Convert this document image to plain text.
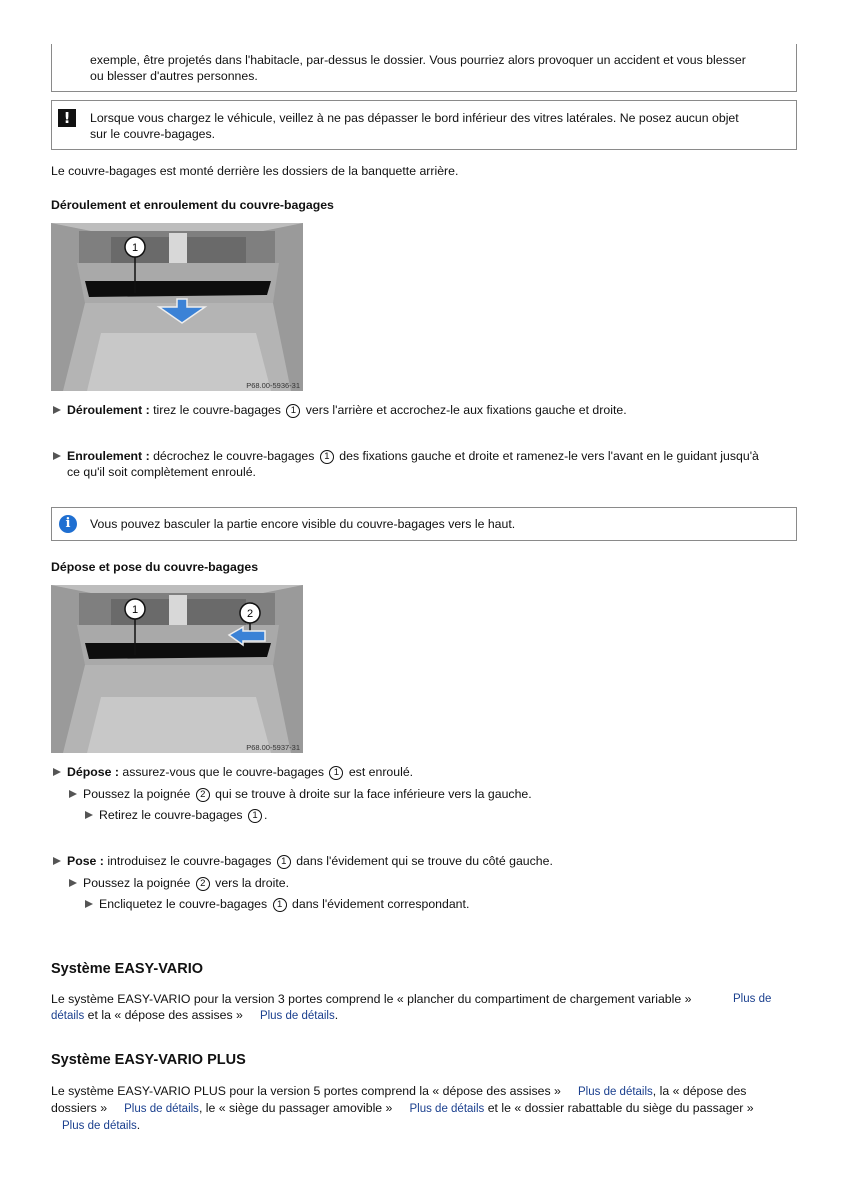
exemple, être projetés dans l'habitacle, par-dessus le dossier. Vous pourriez alors provoquer un accident et vous blesser
ou blesser d'autres personnes.
!	Lorsque vous chargez le véhicule, veillez à ne pas dépasser le bord inférieur des vitres latérales. Ne posez aucun objet
sur le couvre-bagages.
Le couvre-bagages est monté derrière les dossiers de la banquette arrière.
Déroulement et enroulement du couvre-bagages
1
P68.00-5936-31
Déroulement : tirez le couvre-bagages 1 vers l'arrière et accrochez-le aux fixations gauche et droite.
Enroulement : décrochez le couvre-bagages 1 des fixations gauche et droite et ramenez-le vers l'avant en le guidant jusqu'à
ce qu'il soit complètement enroulé.
i	Vous pouvez basculer la partie encore visible du couvre-bagages vers le haut.
Dépose et pose du couvre-bagages
1	2
P68.00-5937-31
Dépose : assurez-vous que le couvre-bagages 1 est enroulé.
Poussez la poignée 2 qui se trouve à droite sur la face inférieure vers la gauche.
Retirez le couvre-bagages 1 .
Pose : introduisez le couvre-bagages 1 dans l'évidement qui se trouve du côté gauche.
Poussez la poignée 2 vers la droite.
Encliquetez le couvre-bagages 1 dans l'évidement correspondant.
Système EASY-VARIO
Le système EASY-VARIO pour la version 3 portes comprend le « plancher du compartiment de chargement variable »	Plus de
détails et la « dépose des assises »     Plus de détails.
Système EASY-VARIO PLUS
Le système EASY-VARIO PLUS pour la version 5 portes comprend la « dépose des assises »     Plus de détails, la « dépose des
dossiers »     Plus de détails, le « siège du passager amovible »     Plus de détails et le « dossier rabattable du siège du passager »
Plus de détails.
